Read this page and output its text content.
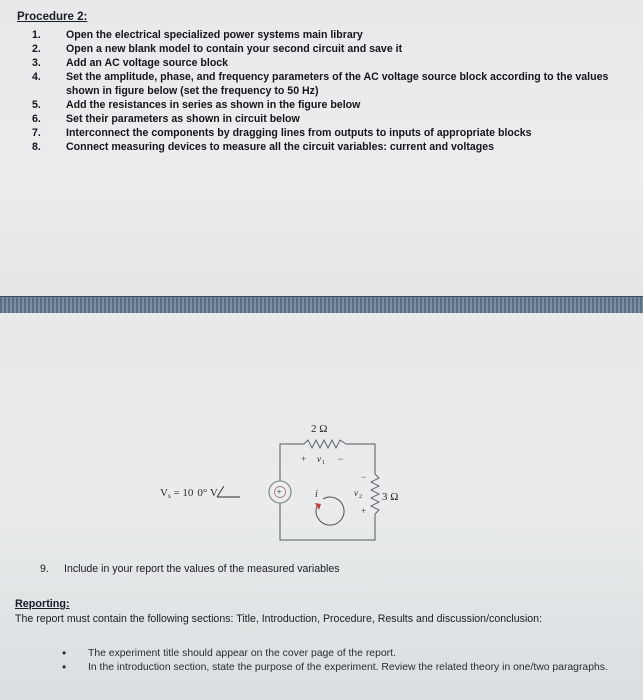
Procedure 2:
1. Open the electrical specialized power systems main library
2. Open a new blank model to contain your second circuit and save it
3. Add an AC voltage source block
4. Set the amplitude, phase, and frequency parameters of the AC voltage source block according to the values shown in figure below (set the frequency to 50 Hz)
5. Add the resistances in series as shown in the figure below
6. Set their parameters as shown in circuit below
7. Interconnect the components by dragging lines from outputs to inputs of appropriate blocks
8. Connect measuring devices to measure all the circuit variables: current and voltages
+	i
2 Ω
+ v 1 −
3 Ω
−
v 2
+
Vs = 10 0° V
9. Include in your report the values of the measured variables
Reporting:
The report must contain the following sections: Title, Introduction, Procedure, Results and discussion/conclusion:
• The experiment title should appear on the cover page of the report.
• In the introduction section, state the purpose of the experiment. Review the related theory in one/two paragraphs.
